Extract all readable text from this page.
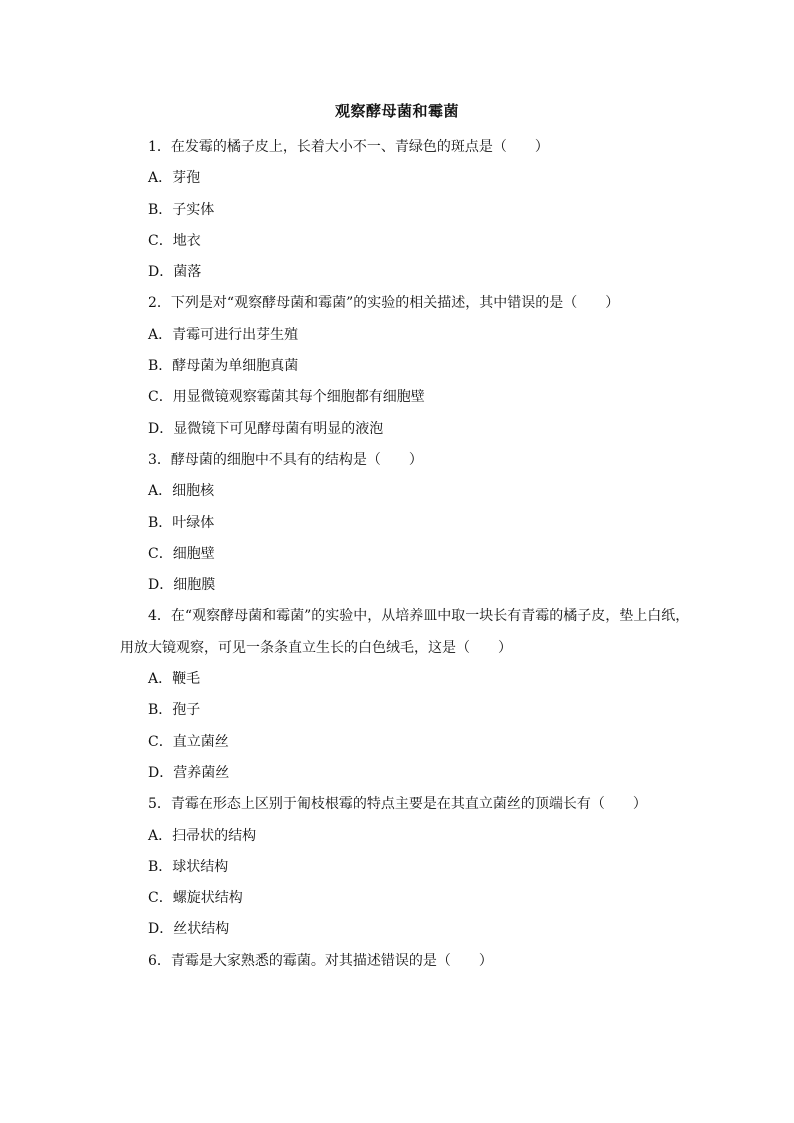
观察酵母菌和霉菌
1．在发霉的橘子皮上，长着大小不一、青绿色的斑点是（　　）
A．芽孢
B．子实体
C．地衣
D．菌落
2．下列是对“观察酵母菌和霉菌”的实验的相关描述，其中错误的是（　　）
A．青霉可进行出芽生殖
B．酵母菌为单细胞真菌
C．用显微镜观察霉菌其每个细胞都有细胞壁
D．显微镜下可见酵母菌有明显的液泡
3．酵母菌的细胞中不具有的结构是（　　）
A．细胞核
B．叶绿体
C．细胞壁
D．细胞膜
4．在“观察酵母菌和霉菌”的实验中，从培养皿中取一块长有青霉的橘子皮，垫上白纸，
用放大镜观察，可见一条条直立生长的白色绒毛，这是（　　）
A．鞭毛
B．孢子
C．直立菌丝
D．营养菌丝
5．青霉在形态上区别于匍枝根霉的特点主要是在其直立菌丝的顶端长有（　　）
A．扫帚状的结构
B．球状结构
C．螺旋状结构
D．丝状结构
6．青霉是大家熟悉的霉菌。对其描述错误的是（　　）
